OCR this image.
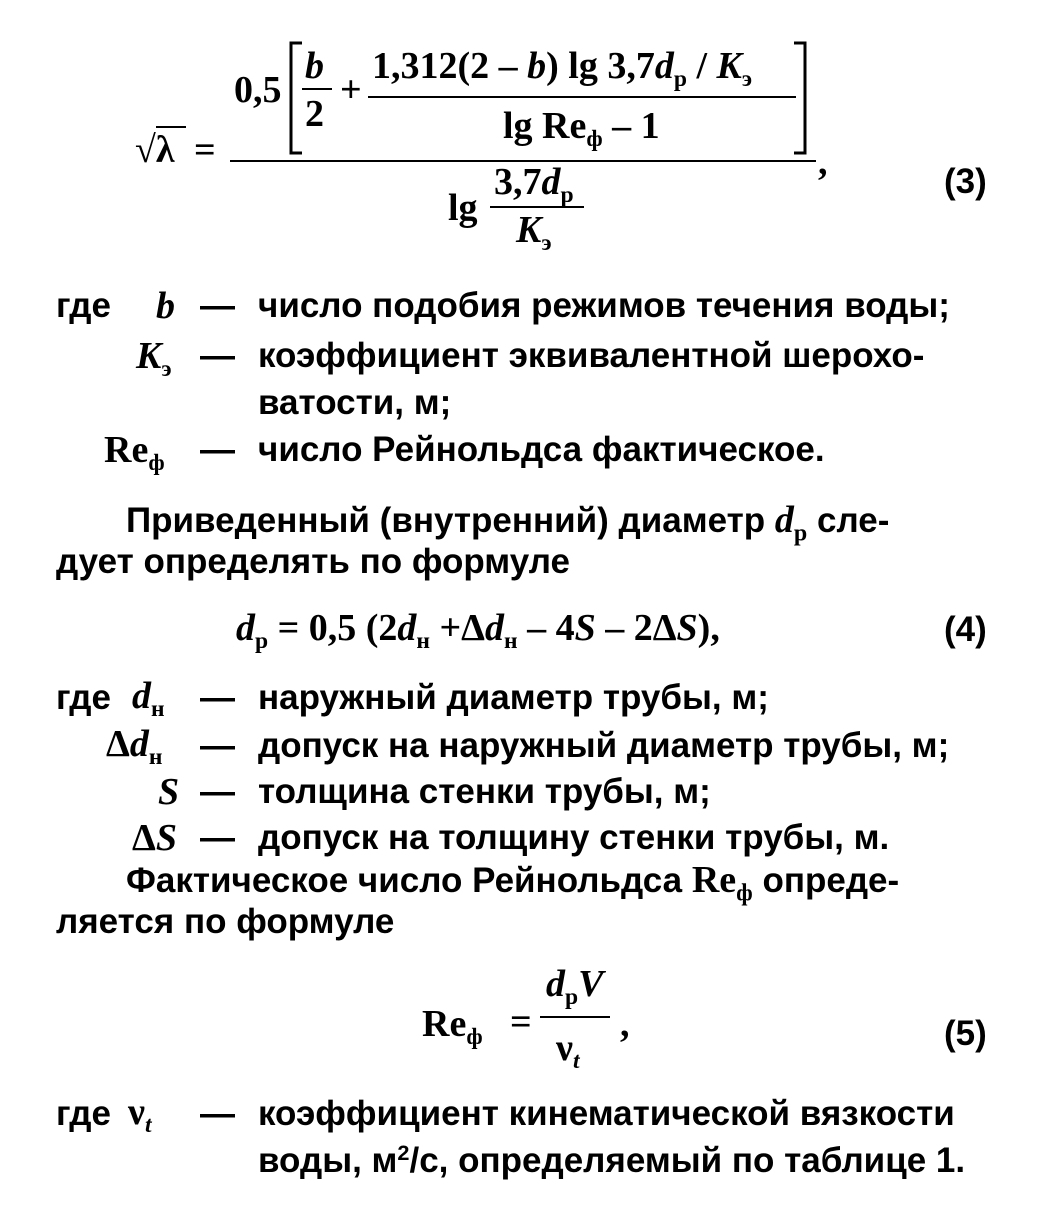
√λ =
0,5
b
2
+
1,312(2 – b) $\lg 3,7d_р / K_э$
$\lg Re_ф - 1$
lg
$3,7d_р$
$K_э$
,	(3)
где b — число подобия режимов течения воды;
$K_э$ — коэффициент эквивалентной шерохо-
ватости, м;
$Re_ф$ — число Рейнольдса фактическое.
Приведенный (внутренний) диаметр $d_р$ сле-
дует определять по формуле
$d_р = 0,5$ $(2d_н +\Delta d_н - 4S - 2\Delta S)$,	(4)
где $d_н$ — наружный диаметр трубы, м;
$\Delta d_н$ — допуск на наружный диаметр трубы, м;
S — толщина стенки трубы, м;
ΔS — допуск на толщину стенки трубы, м.
Фактическое число Рейнольдса $Re_ф$ опреде-
ляется по формуле
$Re_ф$ =
$d_рV$
$\nu_t$
,	(5)
где $\nu_t$ — коэффициент кинематической вязкости
воды, $м^2/с$, определяемый по таблице 1.
